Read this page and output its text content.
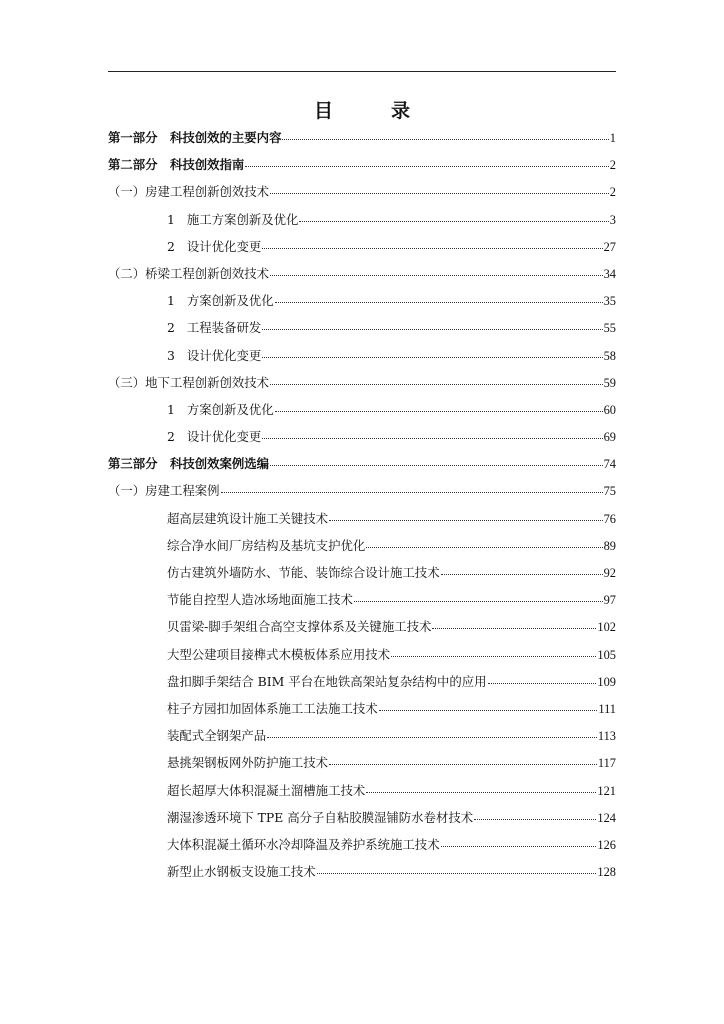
目	录
第一部分　科技创效的主要内容	1
第二部分　科技创效指南	2
（一）房建工程创新创效技术	2
1 施工方案创新及优化	3
2 设计优化变更	27
（二）桥梁工程创新创效技术	34
1 方案创新及优化	35
2 工程装备研发	55
3 设计优化变更	58
（三）地下工程创新创效技术	59
1 方案创新及优化	60
2 设计优化变更	69
第三部分　科技创效案例选编	74
（一）房建工程案例	75
超高层建筑设计施工关键技术	76
综合净水间厂房结构及基坑支护优化	89
仿古建筑外墙防水、节能、装饰综合设计施工技术	92
节能自控型人造冰场地面施工技术	97
贝雷梁-脚手架组合高空支撑体系及关键施工技术	102
大型公建项目接榫式木模板体系应用技术	105
盘扣脚手架结合 BIM 平台在地铁高架站复杂结构中的应用	109
柱子方园扣加固体系施工工法施工技术	111
装配式全钢架产品	113
悬挑架钢板网外防护施工技术	117
超长超厚大体积混凝土溜槽施工技术	121
潮湿渗透环境下 TPE 高分子自粘胶膜湿铺防水卷材技术	124
大体积混凝土循环水冷却降温及养护系统施工技术	126
新型止水钢板支设施工技术	128
